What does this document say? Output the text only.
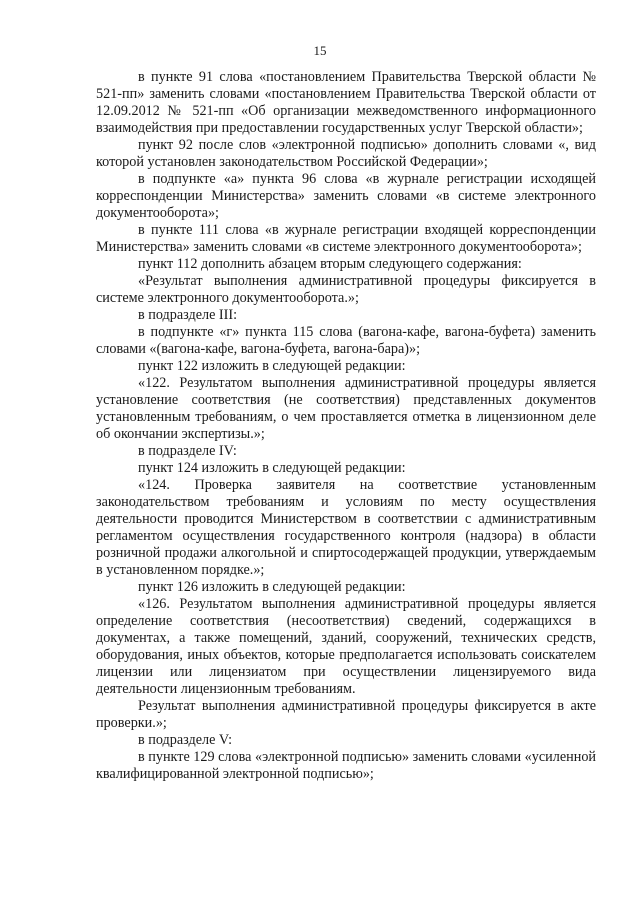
15

в пункте 91 слова «постановлением Правительства Тверской области № 521-пп» заменить словами «постановлением Правительства Тверской области от 12.09.2012 № 521-пп «Об организации межведомственного информационного взаимодействия при предоставлении государственных услуг Тверской области»;

пункт 92 после слов «электронной подписью» дополнить словами «, вид которой установлен законодательством Российской Федерации»;

в подпункте «а» пункта 96 слова «в журнале регистрации исходящей корреспонденции Министерства» заменить словами «в системе электронного документооборота»;

в пункте 111 слова «в журнале регистрации входящей корреспонденции Министерства» заменить словами «в системе электронного документооборота»;

пункт 112 дополнить абзацем вторым следующего содержания:

«Результат выполнения административной процедуры фиксируется в системе электронного документооборота.»;

в подразделе III:

в подпункте «г» пункта 115 слова (вагона-кафе, вагона-буфета) заменить словами «(вагона-кафе, вагона-буфета, вагона-бара)»;

пункт 122 изложить в следующей редакции:

«122. Результатом выполнения административной процедуры является установление соответствия (не соответствия) представленных документов установленным требованиям, о чем проставляется отметка в лицензионном деле об окончании экспертизы.»;

в подразделе IV:

пункт 124 изложить в следующей редакции:

«124. Проверка заявителя на соответствие установленным законодательством требованиям и условиям по месту осуществления деятельности проводится Министерством в соответствии с административным регламентом осуществления государственного контроля (надзора) в области розничной продажи алкогольной и спиртосодержащей продукции, утверждаемым в установленном порядке.»;

пункт 126 изложить в следующей редакции:

«126. Результатом выполнения административной процедуры является определение соответствия (несоответствия) сведений, содержащихся в документах, а также помещений, зданий, сооружений, технических средств, оборудования, иных объектов, которые предполагается использовать соискателем лицензии или лицензиатом при осуществлении лицензируемого вида деятельности лицензионным требованиям.

Результат выполнения административной процедуры фиксируется в акте проверки.»;

в подразделе V:

в пункте 129 слова «электронной подписью» заменить словами «усиленной квалифицированной электронной подписью»;
